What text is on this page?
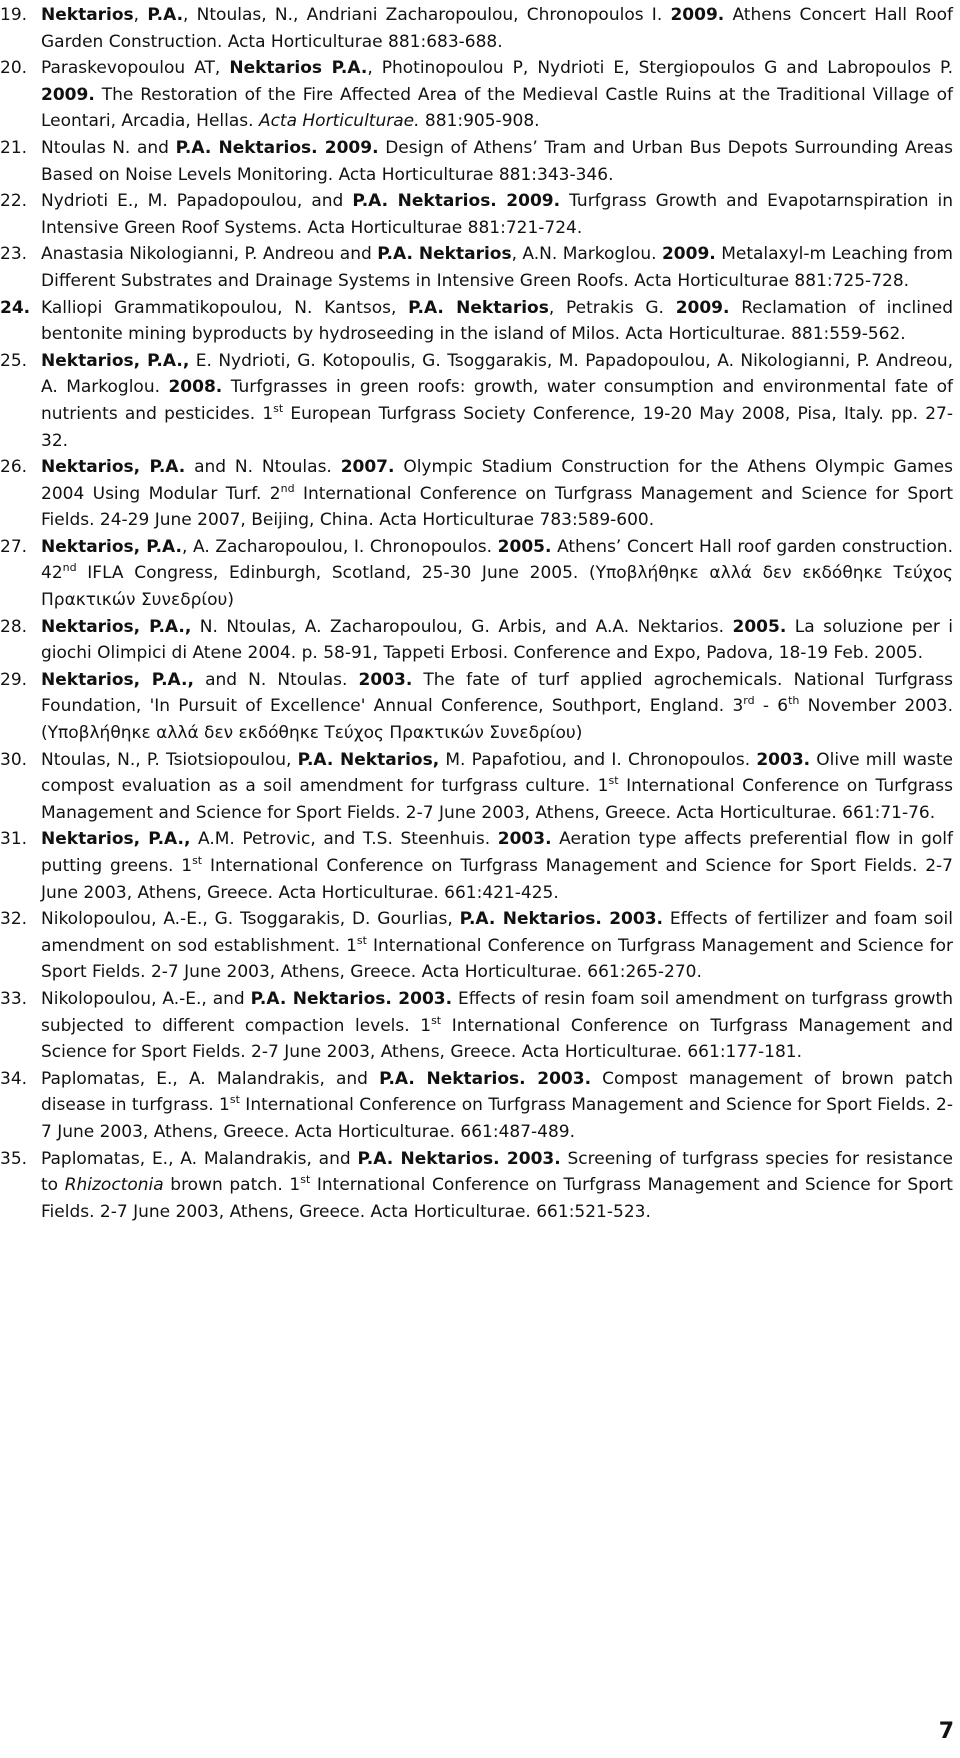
19. Nektarios, P.A., Ntoulas, N., Andriani Zacharopoulou, Chronopoulos I. 2009. Athens Concert Hall Roof Garden Construction. Acta Horticulturae 881:683-688.
20. Paraskevopoulou AT, Nektarios P.A., Photinopoulou P, Nydrioti E, Stergiopoulos G and Labropoulos P. 2009. The Restoration of the Fire Affected Area of the Medieval Castle Ruins at the Traditional Village of Leontari, Arcadia, Hellas. Acta Horticulturae. 881:905-908.
21. Ntoulas N. and P.A. Nektarios. 2009. Design of Athens’ Tram and Urban Bus Depots Surrounding Areas Based on Noise Levels Monitoring. Acta Horticulturae 881:343-346.
22. Nydrioti E., M. Papadopoulou, and P.A. Nektarios. 2009. Turfgrass Growth and Evapotarnspiration in Intensive Green Roof Systems. Acta Horticulturae 881:721-724.
23. Anastasia Nikologianni, P. Andreou and P.A. Nektarios, A.N. Markoglou. 2009. Metalaxyl-m Leaching from Different Substrates and Drainage Systems in Intensive Green Roofs. Acta Horticulturae 881:725-728.
24. Kalliopi Grammatikopoulou, N. Kantsos, P.A. Nektarios, Petrakis G. 2009. Reclamation of inclined bentonite mining byproducts by hydroseeding in the island of Milos. Acta Horticulturae. 881:559-562.
25. Nektarios, P.A., E. Nydrioti, G. Kotopoulis, G. Tsoggarakis, M. Papadopoulou, A. Nikologianni, P. Andreou, A. Markoglou. 2008. Turfgrasses in green roofs: growth, water consumption and environmental fate of nutrients and pesticides. 1st European Turfgrass Society Conference, 19-20 May 2008, Pisa, Italy. pp. 27-32.
26. Nektarios, P.A. and N. Ntoulas. 2007. Olympic Stadium Construction for the Athens Olympic Games 2004 Using Modular Turf. 2nd International Conference on Turfgrass Management and Science for Sport Fields. 24-29 June 2007, Beijing, China. Acta Horticulturae 783:589-600.
27. Nektarios, P.A., A. Zacharopoulou, I. Chronopoulos. 2005. Athens’ Concert Hall roof garden construction. 42nd IFLA Congress, Edinburgh, Scotland, 25-30 June 2005. (Υποβλήθηκε αλλά δεν εκδόθηκε Τεύχος Πρακτικών Συνεδρίου)
28. Nektarios, P.A., N. Ntoulas, A. Zacharopoulou, G. Arbis, and A.A. Nektarios. 2005. La soluzione per i giochi Olimpici di Atene 2004. p. 58-91, Tappeti Erbosi. Conference and Expo, Padova, 18-19 Feb. 2005.
29. Nektarios, P.A., and N. Ntoulas. 2003. The fate of turf applied agrochemicals. National Turfgrass Foundation, 'In Pursuit of Excellence' Annual Conference, Southport, England. 3rd - 6th November 2003. (Υποβλήθηκε αλλά δεν εκδόθηκε Τεύχος Πρακτικών Συνεδρίου)
30. Ntoulas, N., P. Tsiotsiopoulou, P.A. Nektarios, M. Papafotiou, and I. Chronopoulos. 2003. Olive mill waste compost evaluation as a soil amendment for turfgrass culture. 1st International Conference on Turfgrass Management and Science for Sport Fields. 2-7 June 2003, Athens, Greece. Acta Horticulturae. 661:71-76.
31. Nektarios, P.A., A.M. Petrovic, and T.S. Steenhuis. 2003. Aeration type affects preferential flow in golf putting greens. 1st International Conference on Turfgrass Management and Science for Sport Fields. 2-7 June 2003, Athens, Greece. Acta Horticulturae. 661:421-425.
32. Nikolopoulou, A.-E., G. Tsoggarakis, D. Gourlias, P.A. Nektarios. 2003. Effects of fertilizer and foam soil amendment on sod establishment. 1st International Conference on Turfgrass Management and Science for Sport Fields. 2-7 June 2003, Athens, Greece. Acta Horticulturae. 661:265-270.
33. Nikolopoulou, A.-E., and P.A. Nektarios. 2003. Effects of resin foam soil amendment on turfgrass growth subjected to different compaction levels. 1st International Conference on Turfgrass Management and Science for Sport Fields. 2-7 June 2003, Athens, Greece. Acta Horticulturae. 661:177-181.
34. Paplomatas, E., A. Malandrakis, and P.A. Nektarios. 2003. Compost management of brown patch disease in turfgrass. 1st International Conference on Turfgrass Management and Science for Sport Fields. 2-7 June 2003, Athens, Greece. Acta Horticulturae. 661:487-489.
35. Paplomatas, E., A. Malandrakis, and P.A. Nektarios. 2003. Screening of turfgrass species for resistance to Rhizoctonia brown patch. 1st International Conference on Turfgrass Management and Science for Sport Fields. 2-7 June 2003, Athens, Greece. Acta Horticulturae. 661:521-523.
7
